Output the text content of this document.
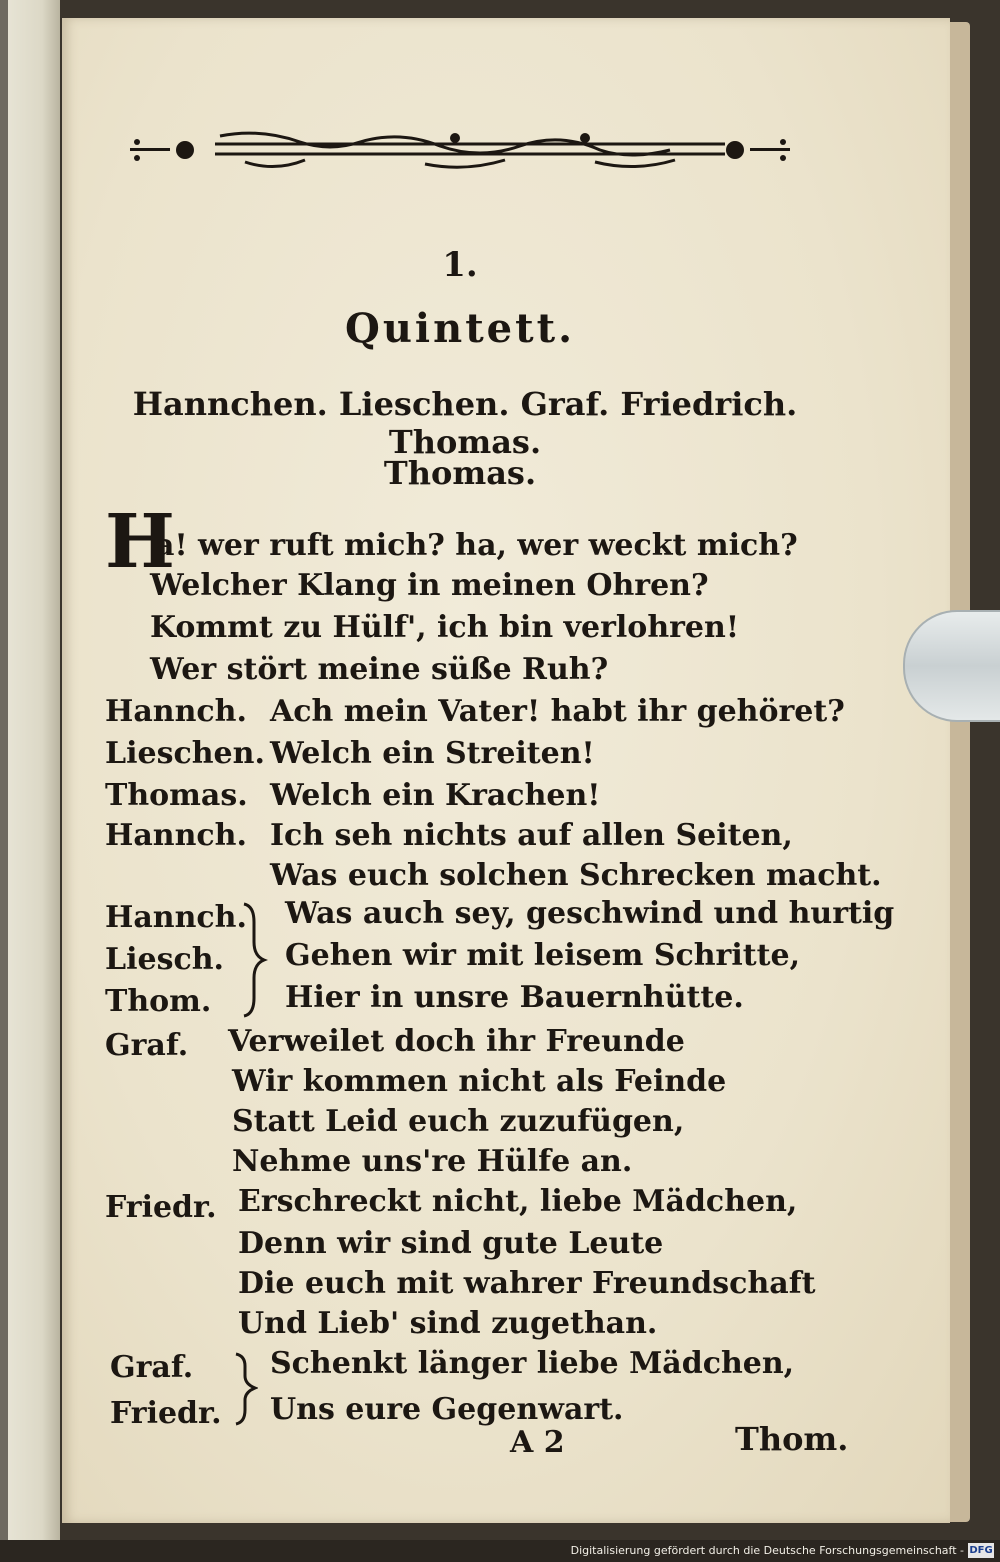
1.
Quintett.
Hannchen. Lieschen. Graf. Friedrich. Thomas.
Thomas.
H
a! wer ruft mich? ha, wer weckt mich?
Welcher Klang in meinen Ohren?
Kommt zu Hülf', ich bin verlohren!
Wer stört meine süße Ruh?
Hannch. Ach mein Vater! habt ihr gehöret?
Lieschen. Welch ein Streiten!
Thomas. Welch ein Krachen!
Hannch. Ich seh nichts auf allen Seiten,
Was euch solchen Schrecken macht.
Hannch. Was auch sey, geschwind und hurtig
Liesch. Gehen wir mit leisem Schritte,
Thom. Hier in unsre Bauernhütte.
Graf. Verweilet doch ihr Freunde
Wir kommen nicht als Feinde
Statt Leid euch zuzufügen,
Nehme uns're Hülfe an.
Friedr. Erschreckt nicht, liebe Mädchen,
Denn wir sind gute Leute
Die euch mit wahrer Freundschaft
Und Lieb' sind zugethan.
Graf.	Schenkt länger liebe Mädchen,
Friedr. Uns eure Gegenwart.
A 2	Thom.
Digitalisierung gefördert durch die Deutsche Forschungsgemeinschaft - DFG
